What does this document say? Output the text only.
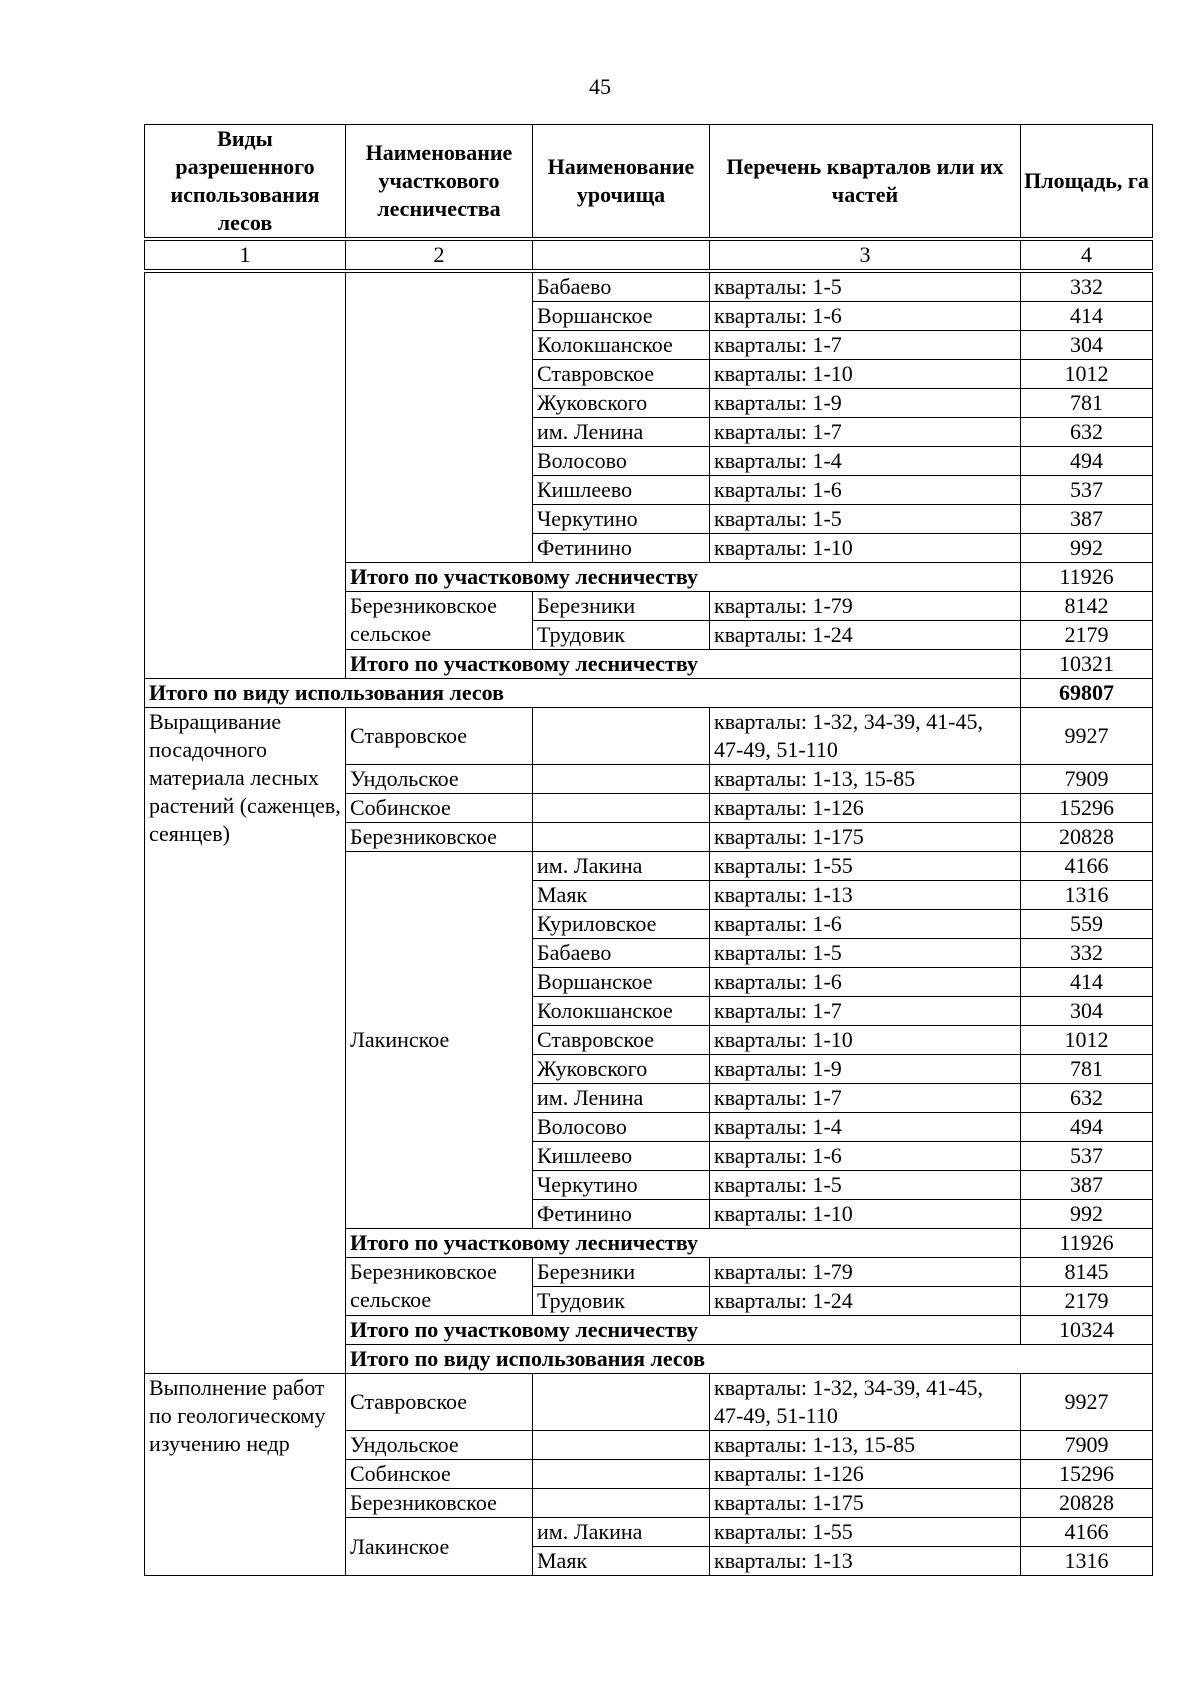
45
Виды разрешенного использования лесов	Наименование участкового лесничества	Наименование урочища	Перечень кварталов или их частей	Площадь, га	
1	2		3	4	
		Бабаево	кварталы: 1-5	332	
		Воршанское	кварталы: 1-6	414	
		Колокшанское	кварталы: 1-7	304	
		Ставровское	кварталы: 1-10	1012	
		Жуковского	кварталы: 1-9	781	
		им. Ленина	кварталы: 1-7	632	
		Волосово	кварталы: 1-4	494	
		Кишлеево	кварталы: 1-6	537	
		Черкутино	кварталы: 1-5	387	
		Фетинино	кварталы: 1-10	992	
	Итого по участковому лесничеству			11926	
	Березниковское сельское	Березники	кварталы: 1-79	8142	
		Трудовик	кварталы: 1-24	2179	
	Итого по участковому лесничеству			10321	
Итого по виду использования лесов				69807	
Выращивание посадочного материала лесных растений (саженцев, сеянцев)	Ставровское		кварталы: 1-32, 34-39, 41-45, 47-49, 51-110	9927	
	Ундольское		кварталы: 1-13, 15-85	7909	
	Собинское		кварталы: 1-126	15296	
	Березниковское		кварталы: 1-175	20828	
	Лакинское	им. Лакина	кварталы: 1-55	4166	
		Маяк	кварталы: 1-13	1316	
		Куриловское	кварталы: 1-6	559	
		Бабаево	кварталы: 1-5	332	
		Воршанское	кварталы: 1-6	414	
		Колокшанское	кварталы: 1-7	304	
		Ставровское	кварталы: 1-10	1012	
		Жуковского	кварталы: 1-9	781	
		им. Ленина	кварталы: 1-7	632	
		Волосово	кварталы: 1-4	494	
		Кишлеево	кварталы: 1-6	537	
		Черкутино	кварталы: 1-5	387	
		Фетинино	кварталы: 1-10	992	
	Итого по участковому лесничеству			11926	
	Березниковское сельское	Березники	кварталы: 1-79	8145	
		Трудовик	кварталы: 1-24	2179	
	Итого по участковому лесничеству			10324	
	Итого по виду использования лесов	
Выполнение работ по геологическому изучению недр	Ставровское		кварталы: 1-32, 34-39, 41-45, 47-49, 51-110	9927	
	Ундольское		кварталы: 1-13, 15-85	7909	
	Собинское		кварталы: 1-126	15296	
	Березниковское		кварталы: 1-175	20828	
	Лакинское	им. Лакина	кварталы: 1-55	4166	
		Маяк	кварталы: 1-13	1316	
